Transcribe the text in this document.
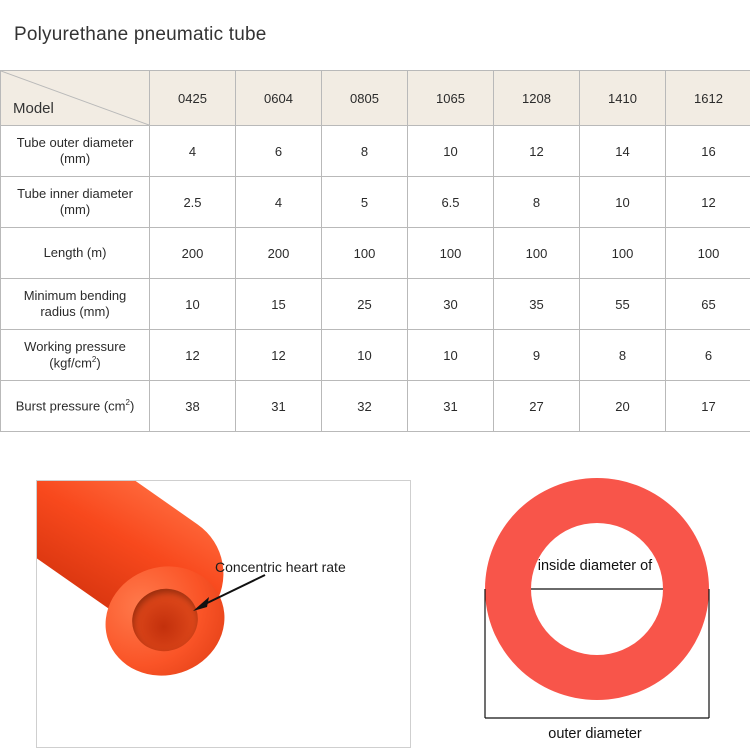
Polyurethane pneumatic tube
Model	0425	0604	0805	1065	1208	1410	1612

Tube outer diameter
(mm)	4	6	8	10	12	14	16

Tube inner diameter
(mm)	2.5	4	5	6.5	8	10	12

Length (m)	200	200	100	100	100	100	100

Minimum bending
radius (mm)	10	15	25	30	35	55	65

Working pressure
$(kgf/cm^2)$	12	12	10	10	9	8	6

Burst pressure $(cm^2)$	38	31	32	31	27	20	17
Concentric heart rate	inside diameter of
outer diameter
